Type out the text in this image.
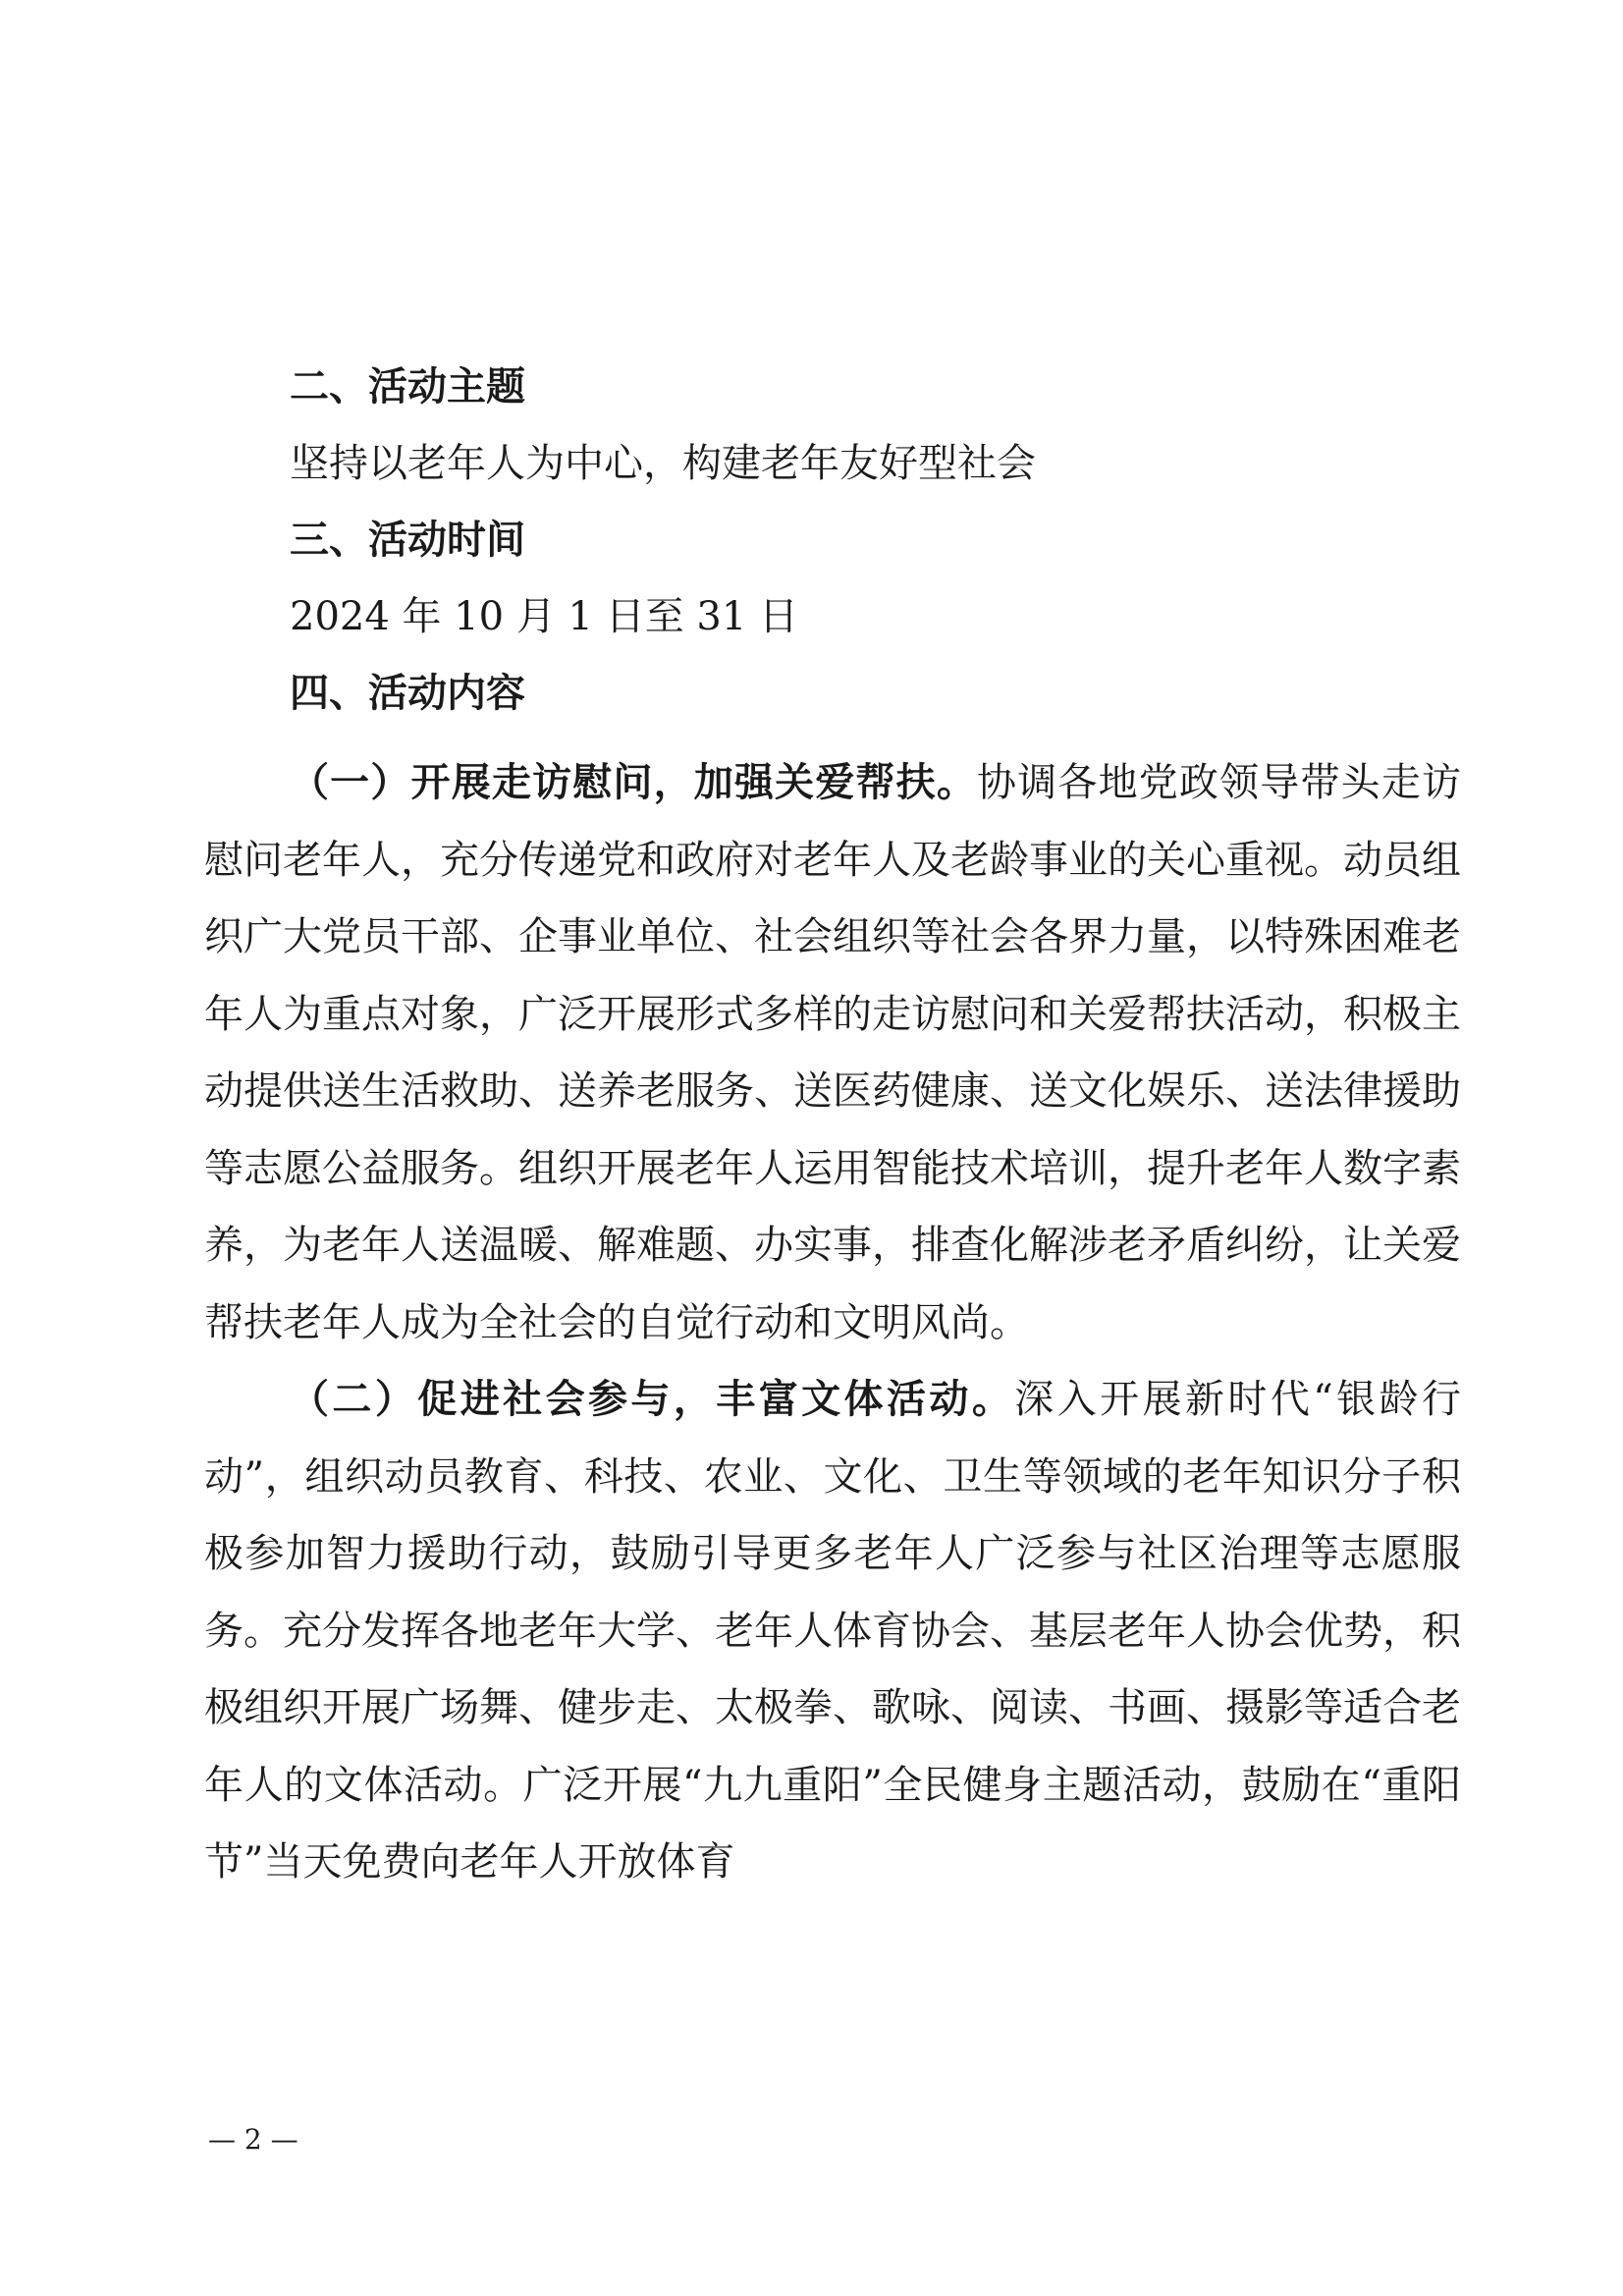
二、活动主题
坚持以老年人为中心，构建老年友好型社会
三、活动时间
2024 年 10 月 1 日至 31 日
四、活动内容

（一）开展走访慰问，加强关爱帮扶。协调各地党政领导带头走访慰问老年人，充分传递党和政府对老年人及老龄事业的关心重视。动员组织广大党员干部、企事业单位、社会组织等社会各界力量，以特殊困难老年人为重点对象，广泛开展形式多样的走访慰问和关爱帮扶活动，积极主动提供送生活救助、送养老服务、送医药健康、送文化娱乐、送法律援助等志愿公益服务。组织开展老年人运用智能技术培训，提升老年人数字素养，为老年人送温暖、解难题、办实事，排查化解涉老矛盾纠纷，让关爱帮扶老年人成为全社会的自觉行动和文明风尚。

（二）促进社会参与，丰富文体活动。深入开展新时代“银龄行动”，组织动员教育、科技、农业、文化、卫生等领域的老年知识分子积极参加智力援助行动，鼓励引导更多老年人广泛参与社区治理等志愿服务。充分发挥各地老年大学、老年人体育协会、基层老年人协会优势，积极组织开展广场舞、健步走、太极拳、歌咏、阅读、书画、摄影等适合老年人的文体活动。广泛开展“九九重阳”全民健身主题活动，鼓励在“重阳节”当天免费向老年人开放体育

— 2 —
